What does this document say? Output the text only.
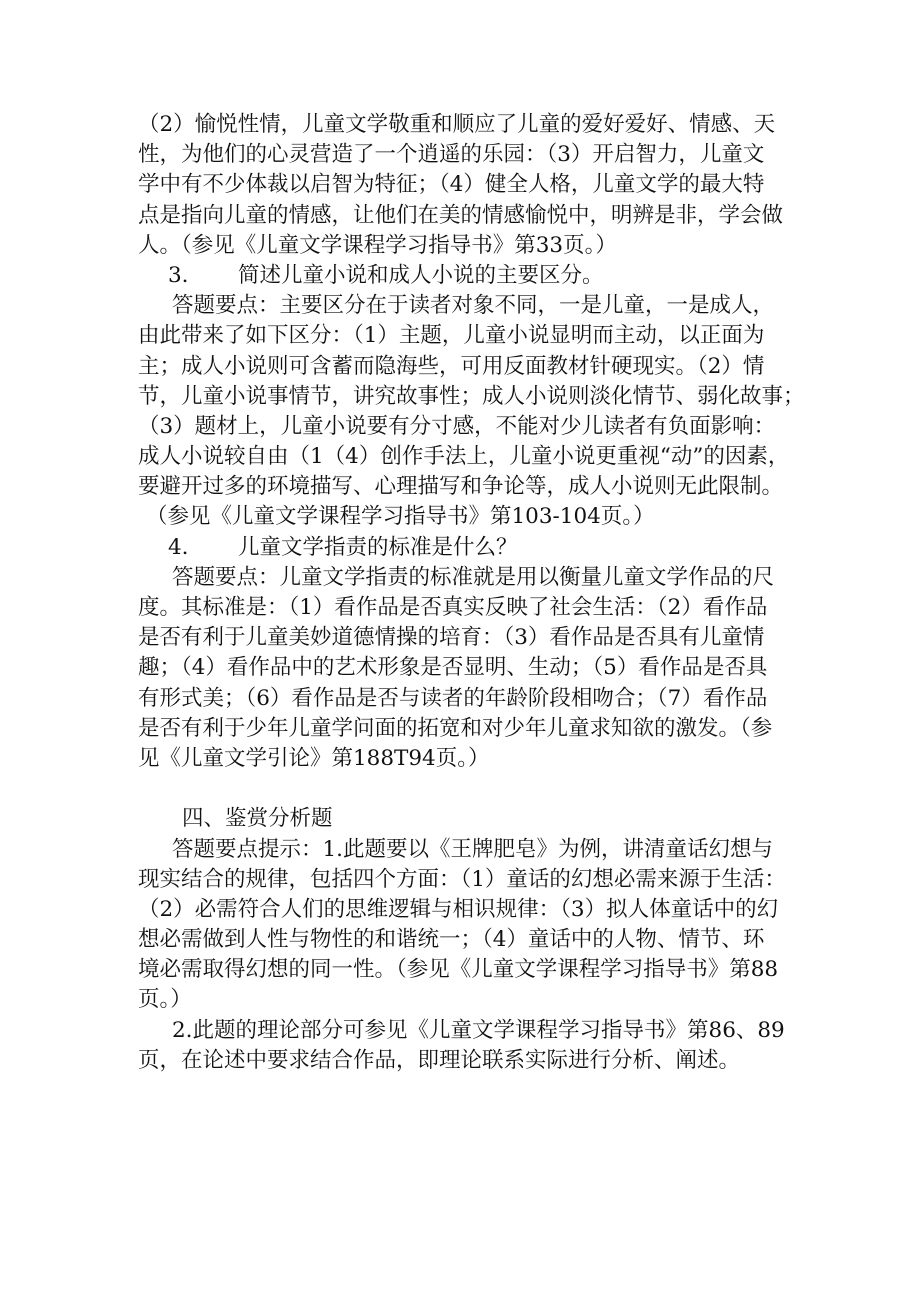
（2）愉悦性情，儿童文学敬重和顺应了儿童的爱好爱好、情感、天
性，为他们的心灵营造了一个逍遥的乐园：（3）开启智力，儿童文
学中有不少体裁以启智为特征；（4）健全人格，儿童文学的最大特
点是指向儿童的情感，让他们在美的情感愉悦中，明辨是非，学会做
人。（参见《儿童文学课程学习指导书》第33页。）
3. 简述儿童小说和成人小说的主要区分。
答题要点：主要区分在于读者对象不同，一是儿童，一是成人，
由此带来了如下区分：（1）主题，儿童小说显明而主动，以正面为
主；成人小说则可含蓄而隐海些，可用反面教材针硬现实。（2）情
节，儿童小说事情节，讲究故事性；成人小说则淡化情节、弱化故事；
（3）题材上，儿童小说要有分寸感，不能对少儿读者有负面影响：
成人小说较自由（1（4）创作手法上，儿童小说更重视“动”的因素，
要避开过多的环境描写、心理描写和争论等，成人小说则无此限制。
（参见《儿童文学课程学习指导书》第103-104页。）
4. 儿童文学指责的标准是什么？
答题要点：儿童文学指责的标准就是用以衡量儿童文学作品的尺
度。其标准是：（1）看作品是否真实反映了社会生活：（2）看作品
是否有利于儿童美妙道德情操的培育：（3）看作品是否具有儿童情
趣；（4）看作品中的艺术形象是否显明、生动；（5）看作品是否具
有形式美；（6）看作品是否与读者的年龄阶段相吻合；（7）看作品
是否有利于少年儿童学问面的拓宽和对少年儿童求知欲的激发。（参
见《儿童文学引论》第188T94页。）
四、鉴赏分析题
答题要点提示：1.此题要以《王牌肥皂》为例，讲清童话幻想与
现实结合的规律，包括四个方面：（1）童话的幻想必需来源于生活：
（2）必需符合人们的思维逻辑与相识规律：（3）拟人体童话中的幻
想必需做到人性与物性的和谐统一；（4）童话中的人物、情节、环
境必需取得幻想的同一性。（参见《儿童文学课程学习指导书》第88
页。）
2.此题的理论部分可参见《儿童文学课程学习指导书》第86、89
页，在论述中要求结合作品，即理论联系实际进行分析、阐述。
